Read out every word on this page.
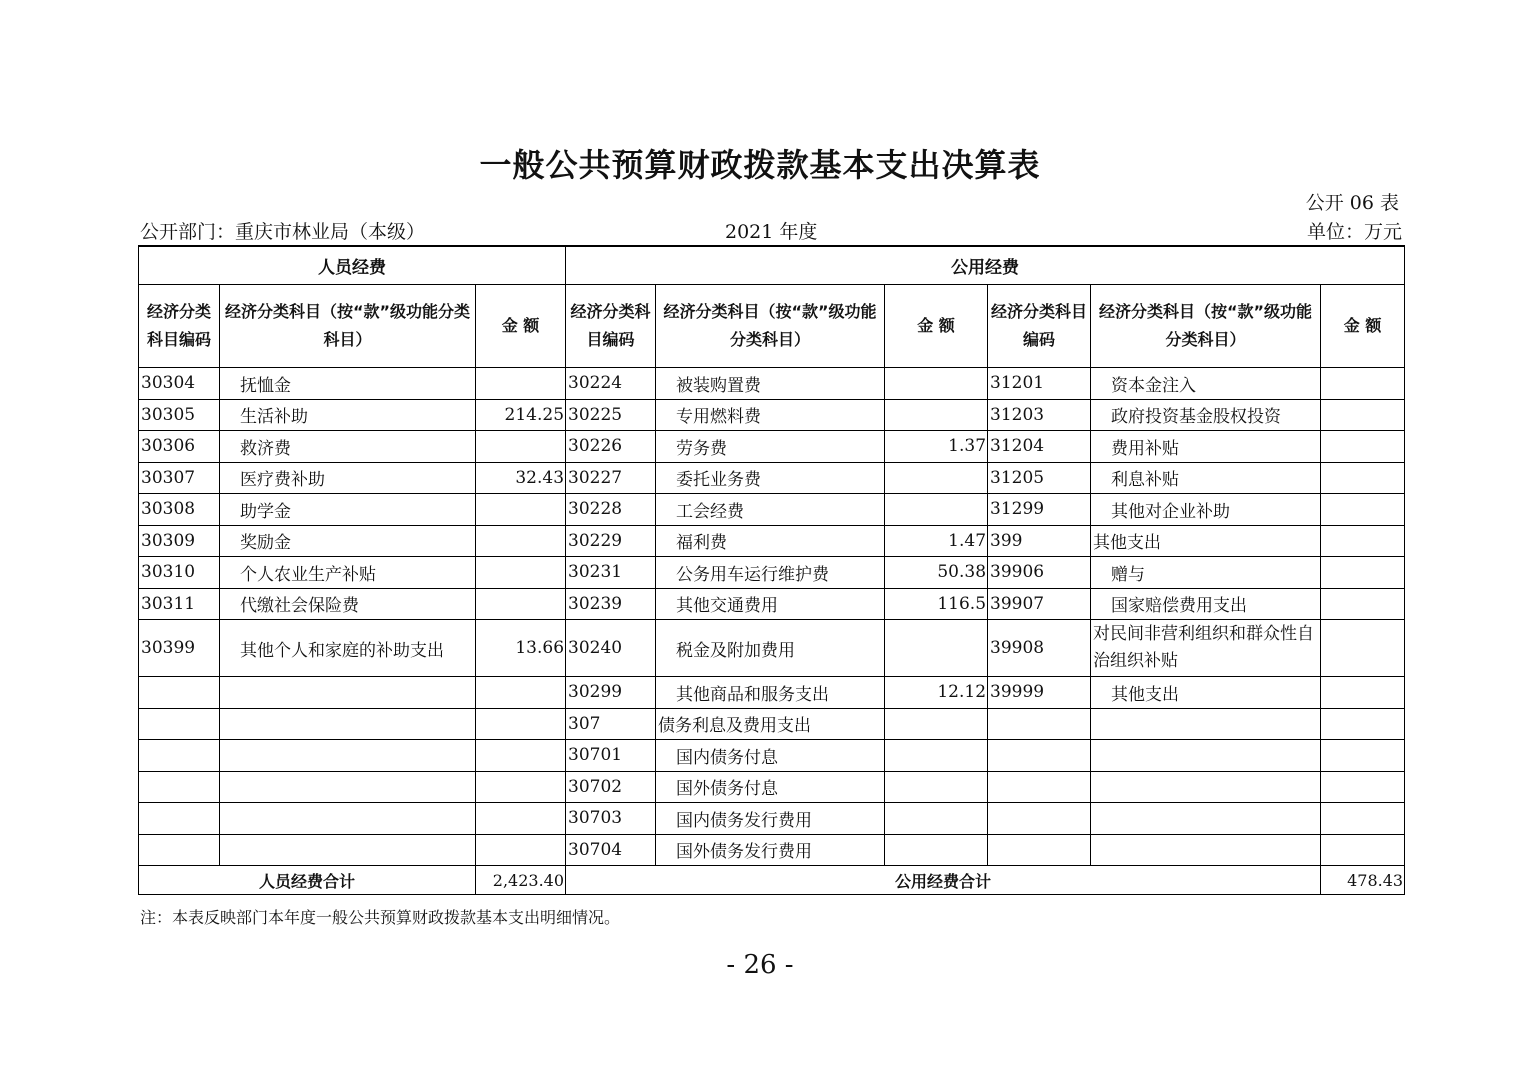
一般公共预算财政拨款基本支出决算表
公开 06 表
公开部门：重庆市林业局（本级）	2021 年度	单位：万元
人员经费			公用经费					
经济分类科目编码	经济分类科目（按“款”级功能分类科目）	金 额	经济分类科目编码	经济分类科目（按“款”级功能分类科目）	金 额	经济分类科目编码	经济分类科目（按“款”级功能分类科目）	金 额
30304	抚恤金		30224	被装购置费		31201	资本金注入	
30305	生活补助	214.25	30225	专用燃料费		31203	政府投资基金股权投资	
30306	救济费		30226	劳务费	1.37	31204	费用补贴	
30307	医疗费补助	32.43	30227	委托业务费		31205	利息补贴	
30308	助学金		30228	工会经费		31299	其他对企业补助	
30309	奖励金		30229	福利费	1.47	399	其他支出	
30310	个人农业生产补贴		30231	公务用车运行维护费	50.38	39906	赠与	
30311	代缴社会保险费		30239	其他交通费用	116.5	39907	国家赔偿费用支出	
30399	其他个人和家庭的补助支出	13.66	30240	税金及附加费用		39908	对民间非营利组织和群众性自治组织补贴	
			30299	其他商品和服务支出	12.12	39999	其他支出	
			307	债务利息及费用支出				
			30701	国内债务付息				
			30702	国外债务付息				
			30703	国内债务发行费用				
			30704	国外债务发行费用				
人员经费合计		2,423.40	公用经费合计					478.43
注：本表反映部门本年度一般公共预算财政拨款基本支出明细情况。
- 26 -
